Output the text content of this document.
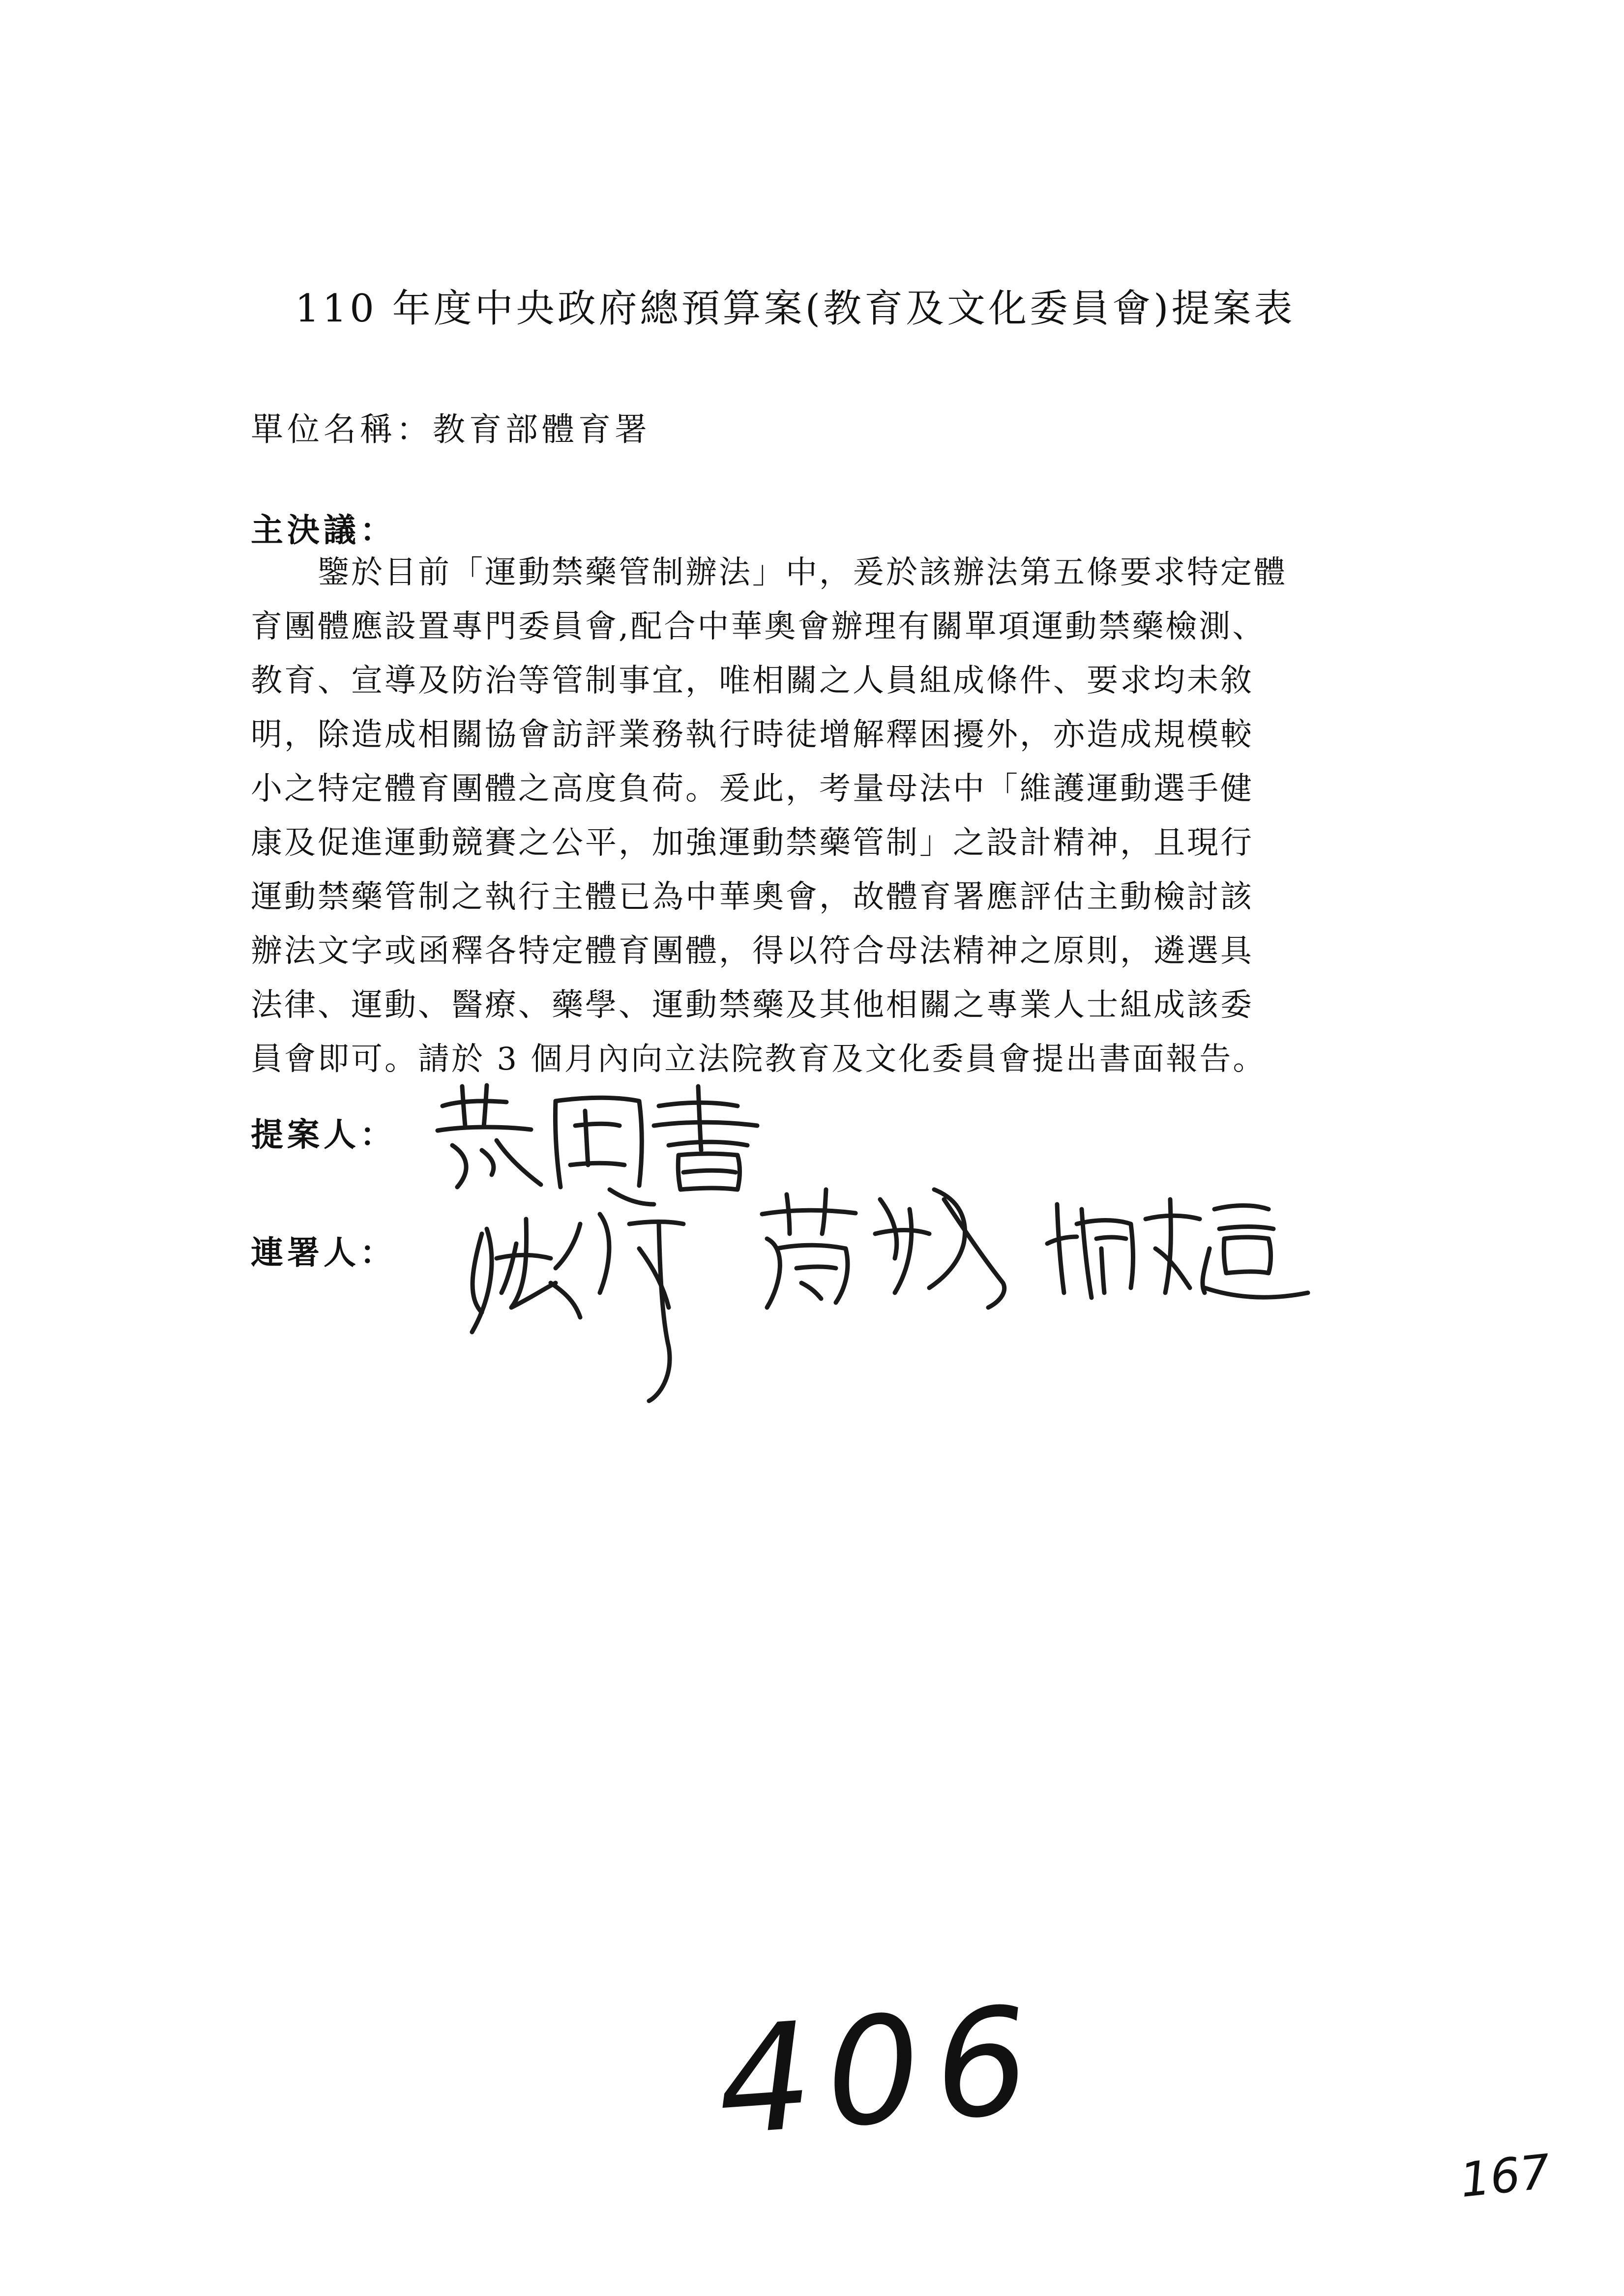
110 年度中央政府總預算案(教育及文化委員會)提案表
單位名稱：教育部體育署
主決議：
　　鑒於目前「運動禁藥管制辦法」中，爰於該辦法第五條要求特定體
育團體應設置專門委員會,配合中華奧會辦理有關單項運動禁藥檢測、
教育、宣導及防治等管制事宜，唯相關之人員組成條件、要求均未敘
明，除造成相關協會訪評業務執行時徒增解釋困擾外，亦造成規模較
小之特定體育團體之高度負荷。爰此，考量母法中「維護運動選手健
康及促進運動競賽之公平，加強運動禁藥管制」之設計精神，且現行
運動禁藥管制之執行主體已為中華奧會，故體育署應評估主動檢討該
辦法文字或函釋各特定體育團體，得以符合母法精神之原則，遴選具
法律、運動、醫療、藥學、運動禁藥及其他相關之專業人士組成該委
員會即可。請於 3 個月內向立法院教育及文化委員會提出書面報告。
提案人：
連署人：
406
167
